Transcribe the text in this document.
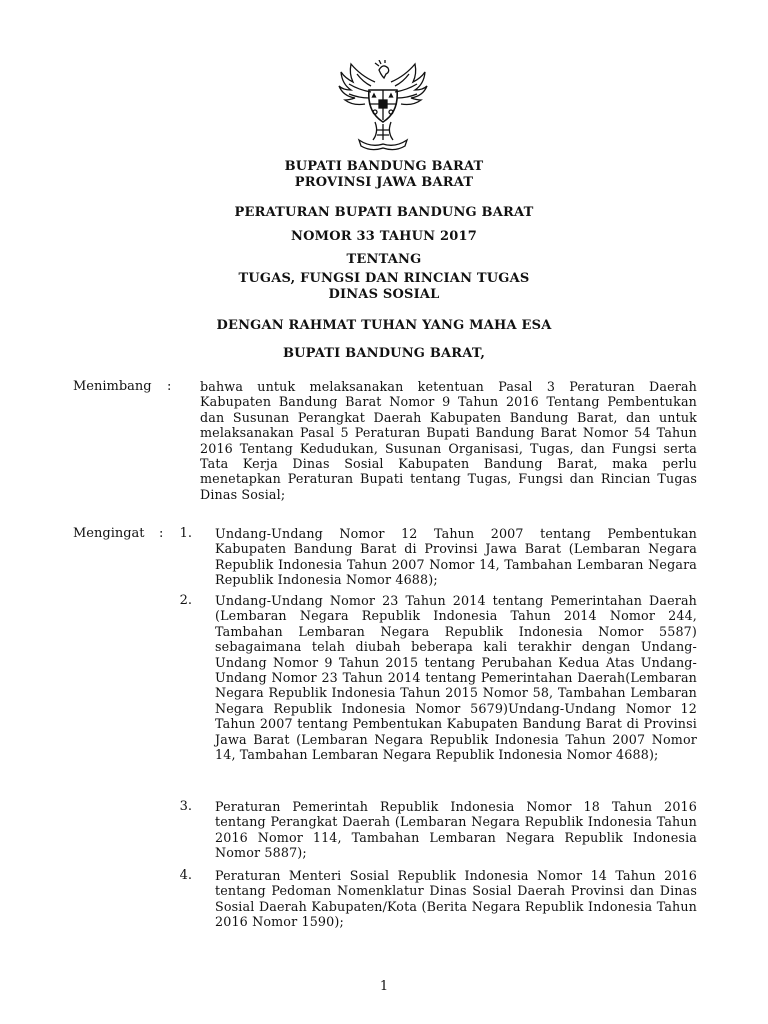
BUPATI BANDUNG BARAT
PROVINSI JAWA BARAT
PERATURAN BUPATI BANDUNG BARAT
NOMOR 33 TAHUN 2017
TENTANG
TUGAS, FUNGSI DAN RINCIAN TUGAS
DINAS SOSIAL
DENGAN RAHMAT TUHAN YANG MAHA ESA
BUPATI BANDUNG BARAT,
Menimbang : bahwa untuk melaksanakan ketentuan Pasal 3 Peraturan Daerah Kabupaten Bandung Barat Nomor 9 Tahun 2016 Tentang Pembentukan dan Susunan Perangkat Daerah Kabupaten Bandung Barat, dan untuk melaksanakan Pasal 5 Peraturan Bupati Bandung Barat Nomor 54 Tahun 2016 Tentang Kedudukan, Susunan Organisasi, Tugas, dan Fungsi serta Tata Kerja Dinas Sosial Kabupaten Bandung Barat, maka perlu menetapkan Peraturan Bupati tentang Tugas, Fungsi dan Rincian Tugas Dinas Sosial;
Mengingat :	1. Undang-Undang Nomor 12 Tahun 2007 tentang Pembentukan Kabupaten Bandung Barat di Provinsi Jawa Barat (Lembaran Negara Republik Indonesia Tahun 2007 Nomor 14, Tambahan Lembaran Negara Republik Indonesia Nomor 4688);
2. Undang-Undang Nomor 23 Tahun 2014 tentang Pemerintahan Daerah (Lembaran Negara Republik Indonesia Tahun 2014 Nomor 244, Tambahan Lembaran Negara Republik Indonesia Nomor 5587) sebagaimana telah diubah beberapa kali terakhir dengan Undang-Undang Nomor 9 Tahun 2015 tentang Perubahan Kedua Atas Undang-Undang Nomor 23 Tahun 2014 tentang Pemerintahan Daerah(Lembaran Negara Republik Indonesia Tahun 2015 Nomor 58, Tambahan Lembaran Negara Republik Indonesia Nomor 5679)Undang-Undang Nomor 12 Tahun 2007 tentang Pembentukan Kabupaten Bandung Barat di Provinsi Jawa Barat (Lembaran Negara Republik Indonesia Tahun 2007 Nomor 14, Tambahan Lembaran Negara Republik Indonesia Nomor 4688);
3. Peraturan Pemerintah Republik Indonesia Nomor 18 Tahun 2016 tentang Perangkat Daerah (Lembaran Negara Republik Indonesia Tahun 2016 Nomor 114, Tambahan Lembaran Negara Republik Indonesia Nomor 5887);
4. Peraturan Menteri Sosial Republik Indonesia Nomor 14 Tahun 2016 tentang Pedoman Nomenklatur Dinas Sosial Daerah Provinsi dan Dinas Sosial Daerah Kabupaten/Kota (Berita Negara Republik Indonesia Tahun 2016 Nomor 1590);
1
